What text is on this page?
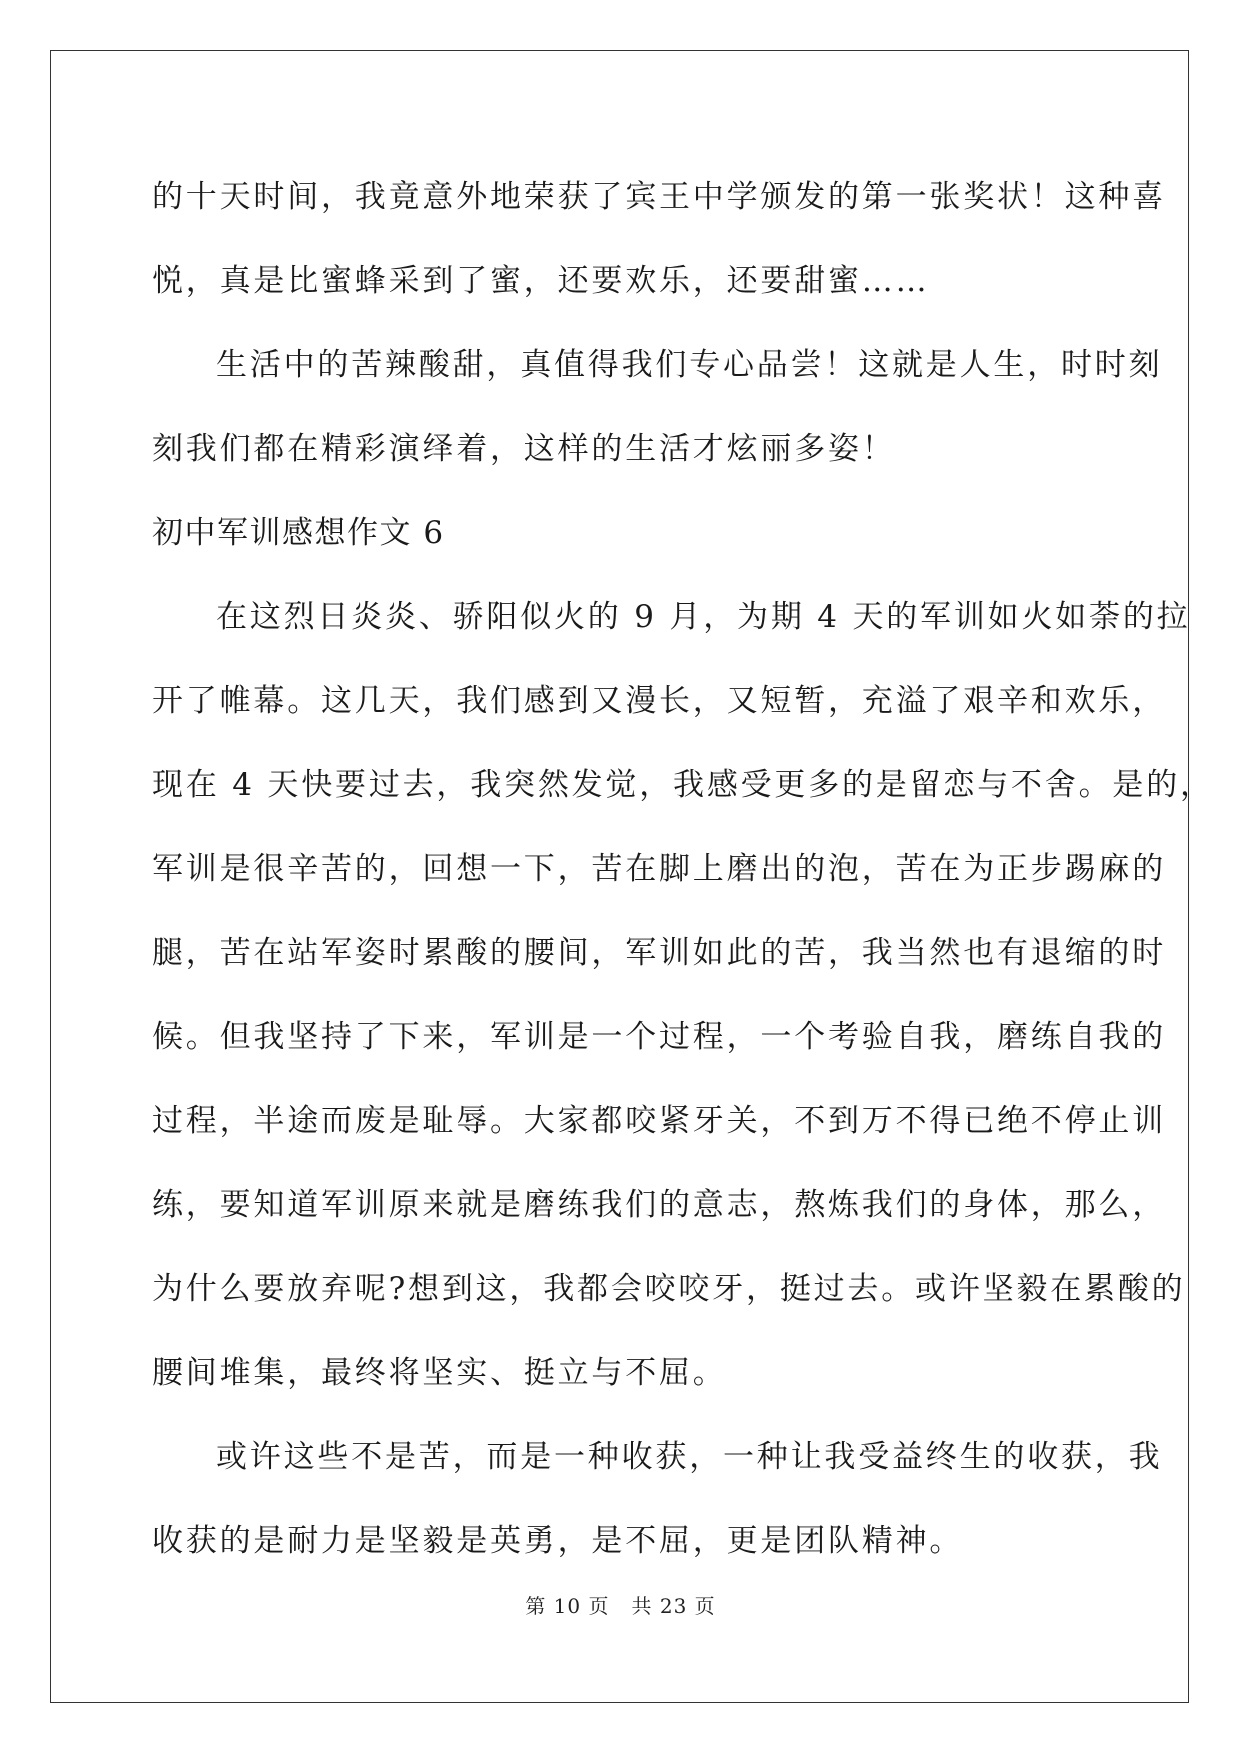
的十天时间，我竟意外地荣获了宾王中学颁发的第一张奖状！这种喜
悦，真是比蜜蜂采到了蜜，还要欢乐，还要甜蜜……
生活中的苦辣酸甜，真值得我们专心品尝！这就是人生，时时刻
刻我们都在精彩演绎着，这样的生活才炫丽多姿！
初中军训感想作文 6
在这烈日炎炎、骄阳似火的 9 月，为期 4 天的军训如火如荼的拉
开了帷幕。这几天，我们感到又漫长，又短暂，充溢了艰辛和欢乐，
现在 4 天快要过去，我突然发觉，我感受更多的是留恋与不舍。是的，
军训是很辛苦的，回想一下，苦在脚上磨出的泡，苦在为正步踢麻的
腿，苦在站军姿时累酸的腰间，军训如此的苦，我当然也有退缩的时
候。但我坚持了下来，军训是一个过程，一个考验自我，磨练自我的
过程，半途而废是耻辱。大家都咬紧牙关，不到万不得已绝不停止训
练，要知道军训原来就是磨练我们的意志，熬炼我们的身体，那么，
为什么要放弃呢?想到这，我都会咬咬牙，挺过去。或许坚毅在累酸的
腰间堆集，最终将坚实、挺立与不屈。
或许这些不是苦，而是一种收获，一种让我受益终生的收获，我
收获的是耐力是坚毅是英勇，是不屈，更是团队精神。
第 10 页 共 23 页
